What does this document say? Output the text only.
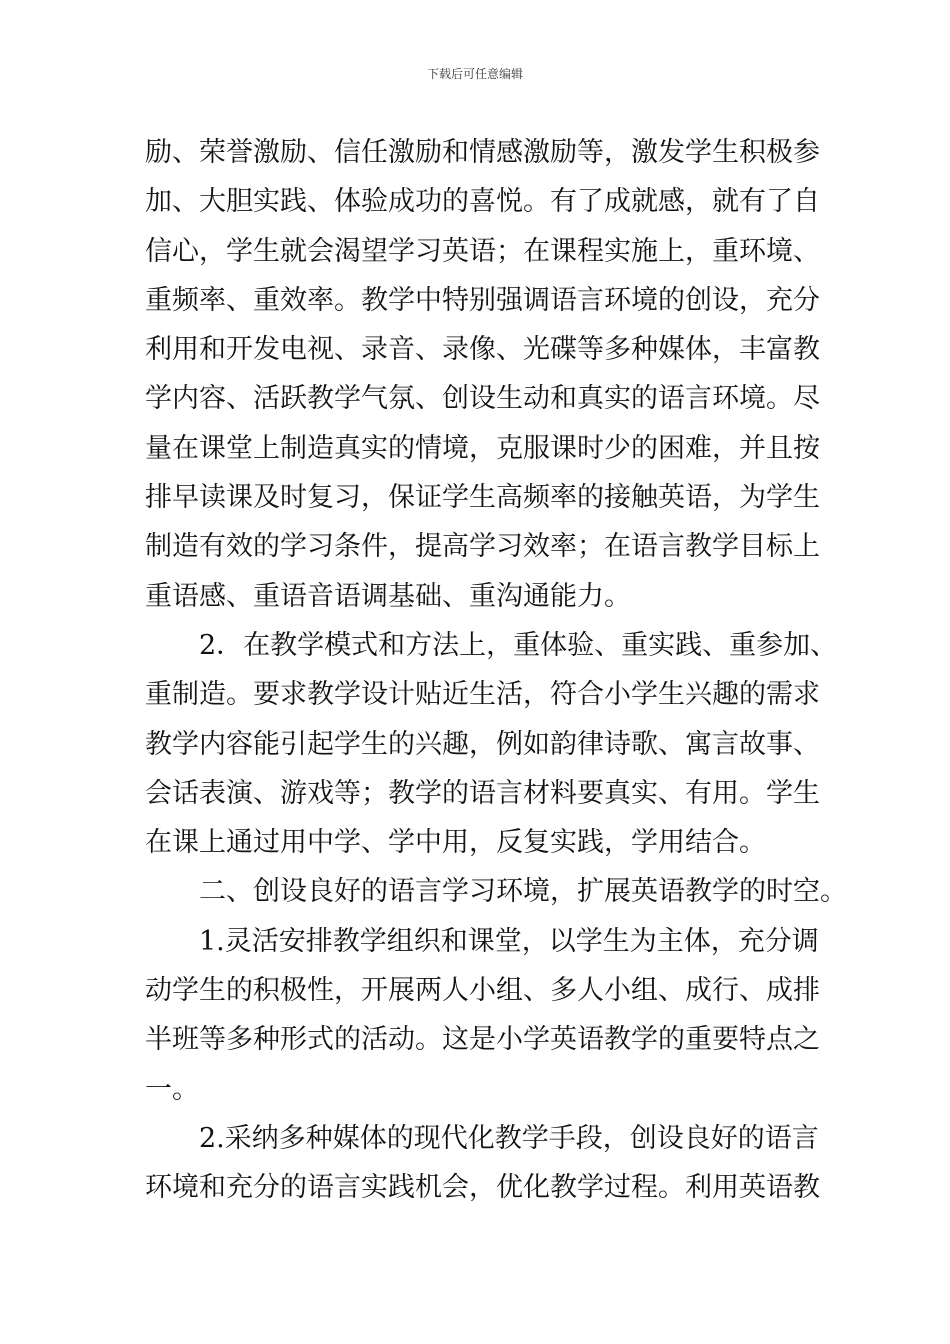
下载后可任意编辑
励、荣誉激励、信任激励和情感激励等，激发学生积极参
加、大胆实践、体验成功的喜悦。有了成就感，就有了自
信心，学生就会渴望学习英语；在课程实施上，重环境、
重频率、重效率。教学中特别强调语言环境的创设，充分
利用和开发电视、录音、录像、光碟等多种媒体，丰富教
学内容、活跃教学气氛、创设生动和真实的语言环境。尽
量在课堂上制造真实的情境，克服课时少的困难，并且按
排早读课及时复习，保证学生高频率的接触英语，为学生
制造有效的学习条件，提高学习效率；在语言教学目标上
重语感、重语音语调基础、重沟通能力。
　　2．在教学模式和方法上，重体验、重实践、重参加、
重制造。要求教学设计贴近生活，符合小学生兴趣的需求
教学内容能引起学生的兴趣，例如韵律诗歌、寓言故事、
会话表演、游戏等；教学的语言材料要真实、有用。学生
在课上通过用中学、学中用，反复实践，学用结合。
　　二、创设良好的语言学习环境，扩展英语教学的时空。
　　1.灵活安排教学组织和课堂，以学生为主体，充分调
动学生的积极性，开展两人小组、多人小组、成行、成排
半班等多种形式的活动。这是小学英语教学的重要特点之
一。
　　2.采纳多种媒体的现代化教学手段，创设良好的语言
环境和充分的语言实践机会，优化教学过程。利用英语教
